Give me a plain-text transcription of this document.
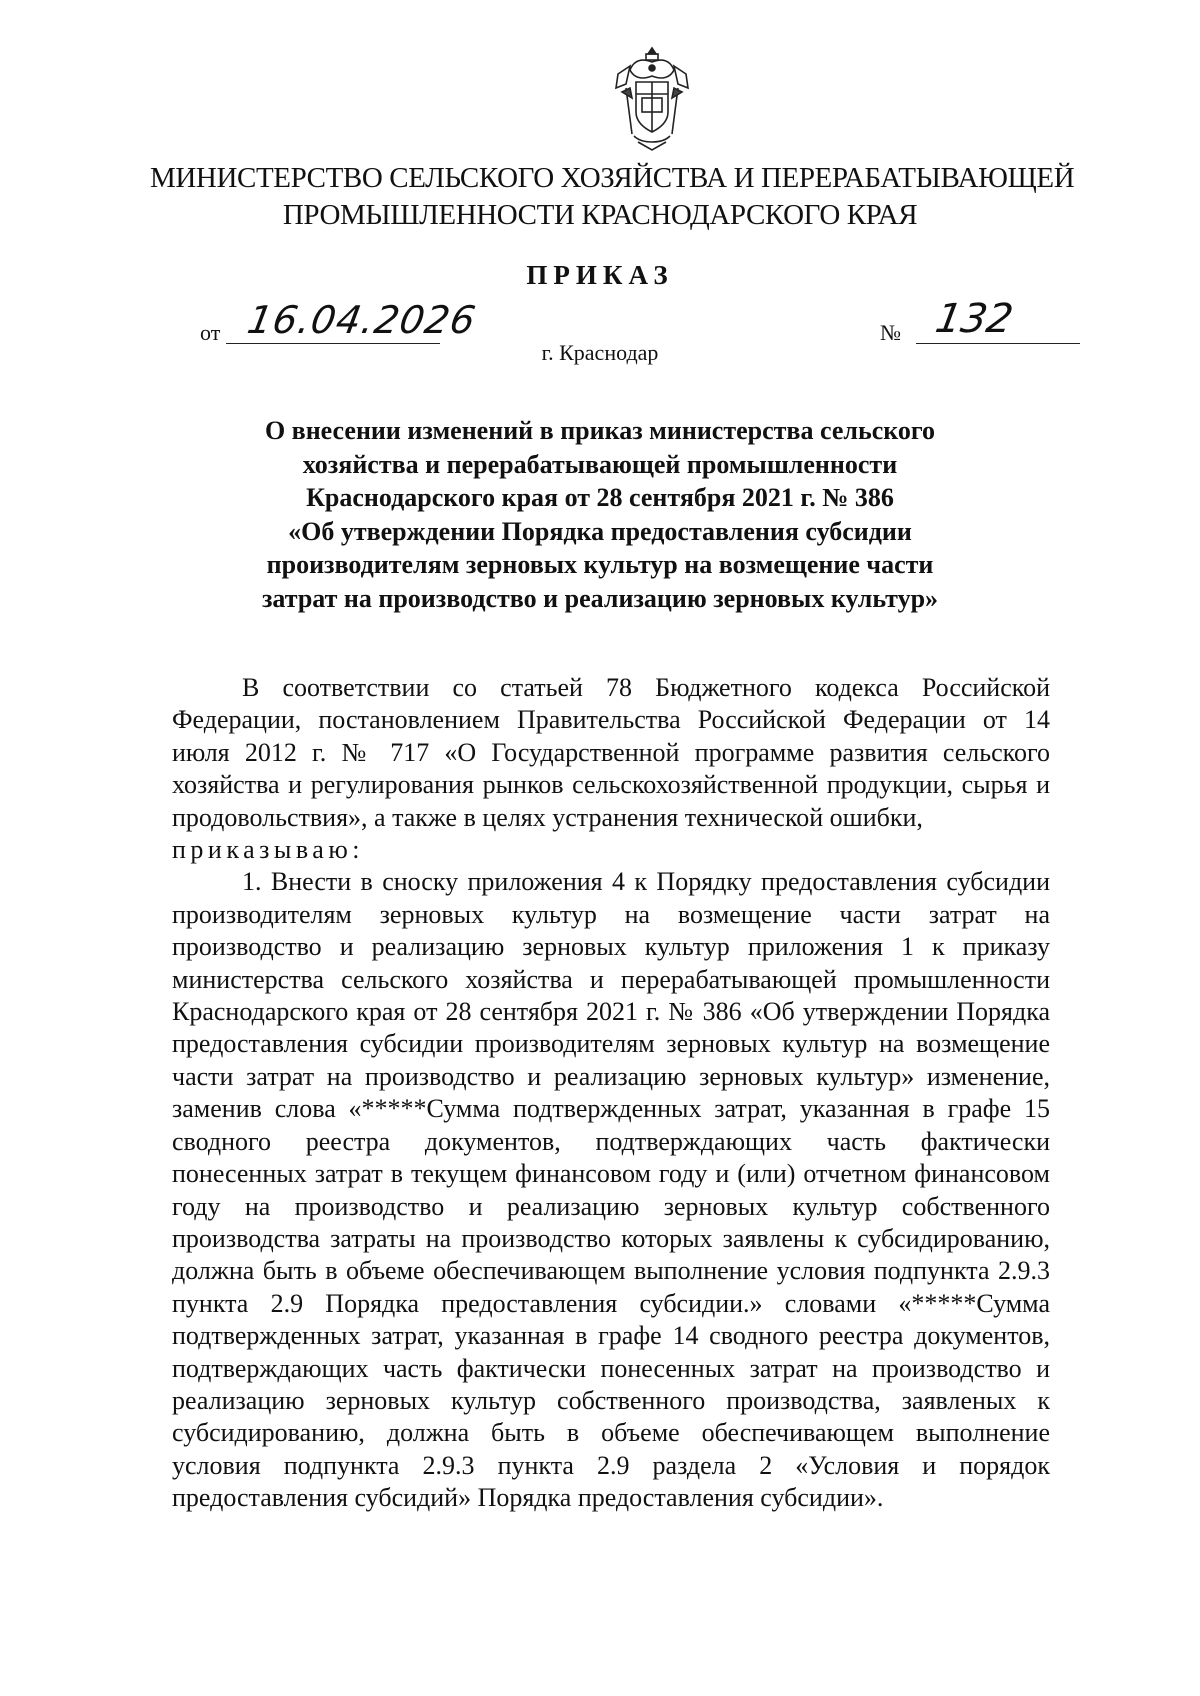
МИНИСТЕРСТВО СЕЛЬСКОГО ХОЗЯЙСТВА И ПЕРЕРАБАТЫВАЮЩЕЙ
ПРОМЫШЛЕННОСТИ КРАСНОДАРСКОГО КРАЯ
ПРИКАЗ
от 16.04.2026	№ 132
г. Краснодар
О внесении изменений в приказ министерства сельского
хозяйства и перерабатывающей промышленности
Краснодарского края от 28 сентября 2021 г. № 386
«Об утверждении Порядка предоставления субсидии
производителям зерновых культур на возмещение части
затрат на производство и реализацию зерновых культур»

В соответствии со статьей 78 Бюджетного кодекса Российской Федерации, постановлением Правительства Российской Федерации от 14 июля 2012 г. № 717 «О Государственной программе развития сельского хозяйства и регулирования рынков сельскохозяйственной продукции, сырья и продовольствия», а также в целях устранения технической ошибки,

приказываю:

1. Внести в сноску приложения 4 к Порядку предоставления субсидии производителям зерновых культур на возмещение части затрат на производство и реализацию зерновых культур приложения 1 к приказу министерства сельского хозяйства и перерабатывающей промышленности Краснодарского края от 28 сентября 2021 г. № 386 «Об утверждении Порядка предоставления субсидии производителям зерновых культур на возмещение части затрат на производство и реализацию зерновых культур» изменение, заменив слова «*****Сумма подтвержденных затрат, указанная в графе 15 сводного реестра документов, подтверждающих часть фактически понесенных затрат в текущем финансовом году и (или) отчетном финансовом году на производство и реализацию зерновых культур собственного производства затраты на производство которых заявлены к субсидированию, должна быть в объеме обеспечивающем выполнение условия подпункта 2.9.3 пункта 2.9 Порядка предоставления субсидии.» словами «*****Сумма подтвержденных затрат, указанная в графе 14 сводного реестра документов, подтверждающих часть фактически понесенных затрат на производство и реализацию зерновых культур собственного производства, заявленых к субсидированию, должна быть в объеме обеспечивающем выполнение условия подпункта 2.9.3 пункта 2.9 раздела 2 «Условия и порядок предоставления субсидий» Порядка предоставления субсидии».
